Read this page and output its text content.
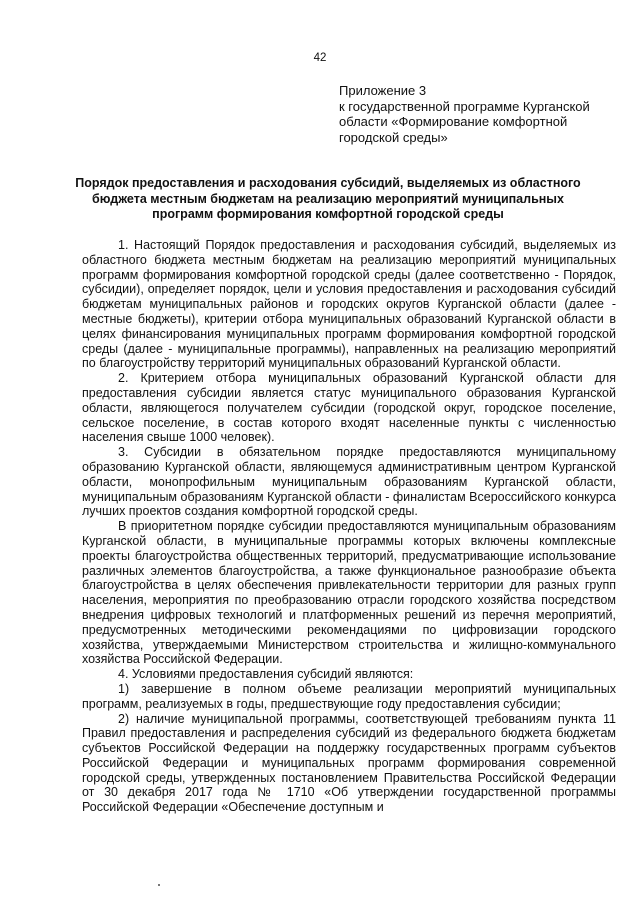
42
Приложение 3
к государственной программе Курганской
области «Формирование комфортной
городской среды»
Порядок предоставления и расходования субсидий, выделяемых из областного
бюджета местным бюджетам на реализацию мероприятий муниципальных
программ формирования комфортной городской среды

1. Настоящий Порядок предоставления и расходования субсидий, выделяемых из областного бюджета местным бюджетам на реализацию мероприятий муниципальных программ формирования комфортной городской среды (далее соответственно - Порядок, субсидии), определяет порядок, цели и условия предоставления и расходования субсидий бюджетам муниципальных районов и городских округов Курганской области (далее - местные бюджеты), критерии отбора муниципальных образований Курганской области в целях финансирования муниципальных программ формирования комфортной городской среды (далее - муниципальные программы), направленных на реализацию мероприятий по благоустройству территорий муниципальных образований Курганской области.

2. Критерием отбора муниципальных образований Курганской области для предоставления субсидии является статус муниципального образования Курганской области, являющегося получателем субсидии (городской округ, городское поселение, сельское поселение, в состав которого входят населенные пункты с численностью населения свыше 1000 человек).

3. Субсидии в обязательном порядке предоставляются муниципальному образованию Курганской области, являющемуся административным центром Курганской области, монопрофильным муниципальным образованиям Курганской области, муниципальным образованиям Курганской области - финалистам Всероссийского конкурса лучших проектов создания комфортной городской среды.

В приоритетном порядке субсидии предоставляются муниципальным образованиям Курганской области, в муниципальные программы которых включены комплексные проекты благоустройства общественных территорий, предусматривающие использование различных элементов благоустройства, а также функциональное разнообразие объекта благоустройства в целях обеспечения привлекательности территории для разных групп населения, мероприятия по преобразованию отрасли городского хозяйства посредством внедрения цифровых технологий и платформенных решений из перечня мероприятий, предусмотренных методическими рекомендациями по цифровизации городского хозяйства, утверждаемыми Министерством строительства и жилищно-коммунального хозяйства Российской Федерации.

4. Условиями предоставления субсидий являются:

1) завершение в полном объеме реализации мероприятий муниципальных программ, реализуемых в годы, предшествующие году предоставления субсидии;

2) наличие муниципальной программы, соответствующей требованиям пункта 11 Правил предоставления и распределения субсидий из федерального бюджета бюджетам субъектов Российской Федерации на поддержку государственных программ субъектов Российской Федерации и муниципальных программ формирования современной городской среды, утвержденных постановлением Правительства Российской Федерации от 30 декабря 2017 года № 1710 «Об утверждении государственной программы Российской Федерации «Обеспечение доступным и
